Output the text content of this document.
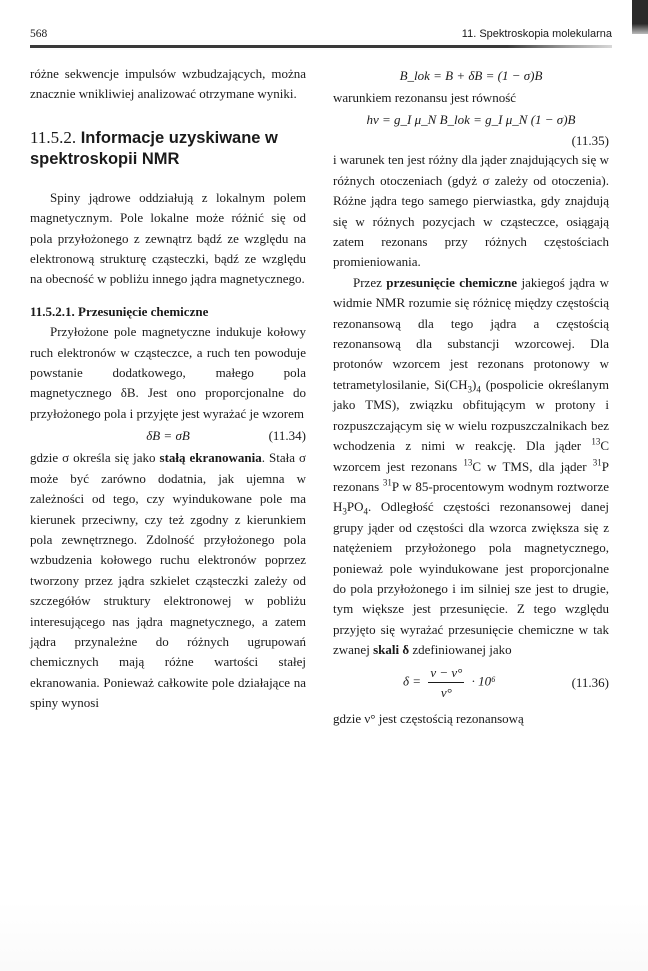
568	11. Spektroskopia molekularna

różne sekwencje impulsów wzbudzających, można znacznie wnikliwiej analizować otrzymane wyniki.

11.5.2. Informacje uzyskiwane w spektroskopii NMR

Spiny jądrowe oddziałują z lokalnym polem magnetycznym. Pole lokalne może różnić się od pola przyłożonego z zewnątrz bądź ze względu na elektronową strukturę cząsteczki, bądź ze względu na obecność w pobliżu innego jądra magnetycznego.

11.5.2.1. Przesunięcie chemiczne

Przyłożone pole magnetyczne indukuje kołowy ruch elektronów w cząsteczce, a ruch ten powoduje powstanie dodatkowego, małego pola magnetycznego δB. Jest ono proporcjonalne do przyłożonego pola i przyjęte jest wyrażać je wzorem

δB = σB	(11.34)

gdzie σ określa się jako stałą ekranowania. Stała σ może być zarówno dodatnia, jak ujemna w zależności od tego, czy wyindukowane pole ma kierunek przeciwny, czy też zgodny z kierunkiem pola zewnętrznego. Zdolność przyłożonego pola wzbudzenia kołowego ruchu elektronów poprzez tworzony przez jądra szkielet cząsteczki zależy od szczegółów struktury elektronowej w pobliżu interesującego nas jądra magnetycznego, a zatem jądra przynależne do różnych ugrupowań chemicznych mają różne wartości stałej ekranowania. Ponieważ całkowite pole działające na spiny wynosi

B_lok = B + δB = (1 − σ)B

warunkiem rezonansu jest równość

hν = g_I μ_N B_lok = g_I μ_N (1 − σ)B
(11.35)

i warunek ten jest różny dla jąder znajdujących się w różnych otoczeniach (gdyż σ zależy od otoczenia). Różne jądra tego samego pierwiastka, gdy znajdują się w różnych pozycjach w cząsteczce, osiągają zatem rezonans przy różnych częstościach promieniowania.

Przez przesunięcie chemiczne jakiegoś jądra w widmie NMR rozumie się różnicę między częstością rezonansową dla tego jądra a częstością rezonansową dla substancji wzorcowej. Dla protonów wzorcem jest rezonans protonowy w tetrametylosilanie, $Si(CH_3)_4$ (pospolicie określanym jako TMS), związku obfitującym w protony i rozpuszczającym się w wielu rozpuszczalnikach bez wchodzenia z nimi w reakcję. Dla jąder $^{13}$C wzorcem jest rezonans $^{13}$C w TMS, dla jąder $^{31}$P rezonans $^{31}$P w 85-procentowym wodnym roztworze $H_3PO_4$. Odległość częstości rezonansowej danej grupy jąder od częstości dla wzorca zwiększa się z natężeniem przyłożonego pola magnetycznego, ponieważ pole wyindukowane jest proporcjonalne do pola przyłożonego i im silniej sze jest to drugie, tym większe jest przesunięcie. Z tego względu przyjęto się wyrażać przesunięcie chemiczne w tak zwanej skali δ zdefiniowanej jako

$\delta = \frac{\nu - \nu^\circ}{\nu^\circ} \cdot 10^6$	(11.36)

gdzie ν° jest częstością rezonansową
